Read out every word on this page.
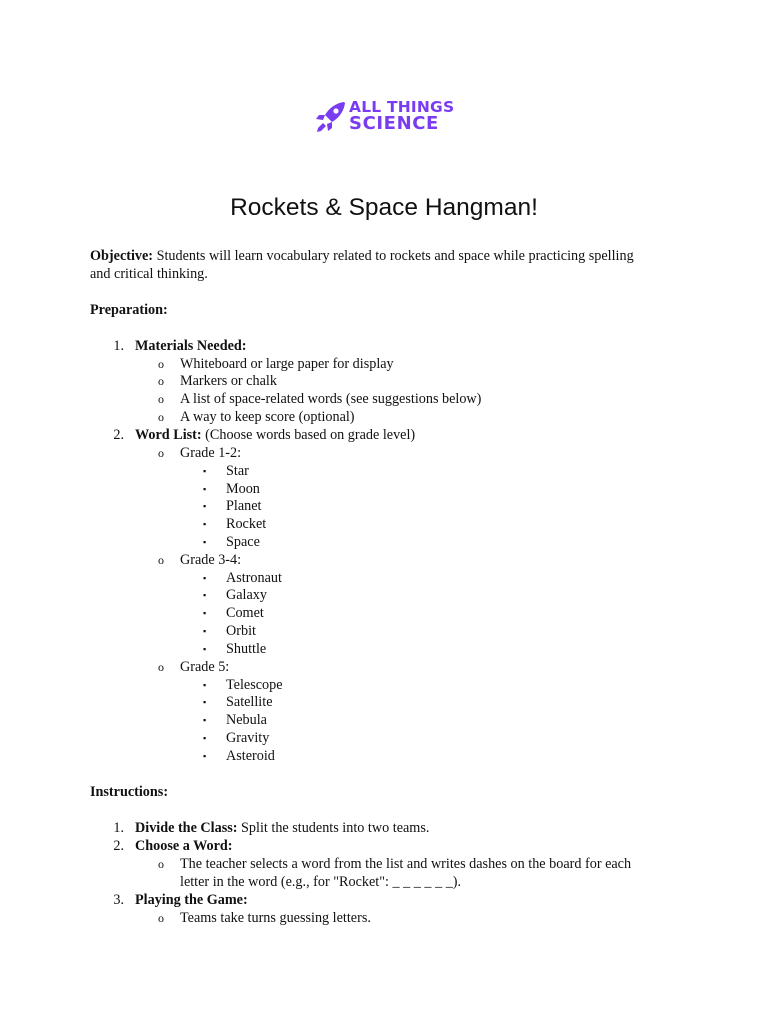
ALL THINGS
SCIENCE
Rockets & Space Hangman!
Objective: Students will learn vocabulary related to rockets and space while practicing spelling
and critical thinking.
Preparation:
1. Materials Needed:
o Whiteboard or large paper for display
o Markers or chalk
o A list of space-related words (see suggestions below)
o A way to keep score (optional)
2. Word List: (Choose words based on grade level)
o Grade 1-2:
▪ Star
▪ Moon
▪ Planet
▪ Rocket
▪ Space
o Grade 3-4:
▪ Astronaut
▪ Galaxy
▪ Comet
▪ Orbit
▪ Shuttle
o Grade 5:
▪ Telescope
▪ Satellite
▪ Nebula
▪ Gravity
▪ Asteroid
Instructions:
1. Divide the Class: Split the students into two teams.
2. Choose a Word:
o The teacher selects a word from the list and writes dashes on the board for each
letter in the word (e.g., for "Rocket": _ _ _ _ _ _).
3. Playing the Game:
o Teams take turns guessing letters.
